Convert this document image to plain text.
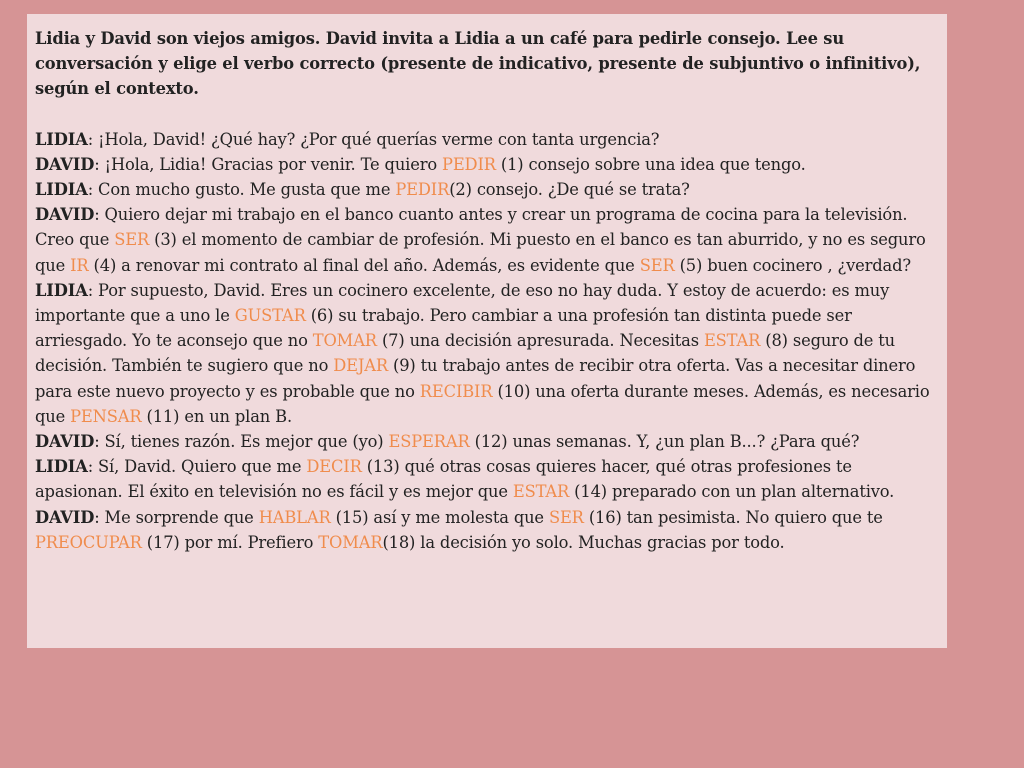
Lidia y David son viejos amigos. David invita a Lidia a un café para pedirle consejo. Lee su conversación y elige el verbo correcto (presente de indicativo, presente de subjuntivo o infinitivo), según el contexto.

LIDIA: ¡Hola, David! ¿Qué hay? ¿Por qué querías verme con tanta urgencia?
DAVID: ¡Hola, Lidia! Gracias por venir. Te quiero PEDIR (1) consejo sobre una idea que tengo.
LIDIA: Con mucho gusto. Me gusta que me PEDIR(2) consejo. ¿De qué se trata?
DAVID: Quiero dejar mi trabajo en el banco cuanto antes y crear un programa de cocina para la televisión. Creo que SER (3) el momento de cambiar de profesión. Mi puesto en el banco es tan aburrido, y no es seguro que IR (4) a renovar mi contrato al final del año. Además, es evidente que SER (5) buen cocinero , ¿verdad?
LIDIA: Por supuesto, David. Eres un cocinero excelente, de eso no hay duda. Y estoy de acuerdo: es muy importante que a uno le GUSTAR (6) su trabajo. Pero cambiar a una profesión tan distinta puede ser arriesgado. Yo te aconsejo que no TOMAR (7) una decisión apresurada. Necesitas ESTAR (8) seguro de tu decisión. También te sugiero que no DEJAR (9) tu trabajo antes de recibir otra oferta. Vas a necesitar dinero para este nuevo proyecto y es probable que no RECIBIR (10) una oferta durante meses. Además, es necesario que PENSAR (11) en un plan B.
DAVID: Sí, tienes razón. Es mejor que (yo) ESPERAR (12) unas semanas. Y, ¿un plan B...? ¿Para qué?
LIDIA: Sí, David. Quiero que me DECIR (13) qué otras cosas quieres hacer, qué otras profesiones te apasionan. El éxito en televisión no es fácil y es mejor que ESTAR (14) preparado con un plan alternativo.
DAVID: Me sorprende que HABLAR (15) así y me molesta que SER (16) tan pesimista. No quiero que te PREOCUPAR (17) por mí. Prefiero TOMAR(18) la decisión yo solo. Muchas gracias por todo.
